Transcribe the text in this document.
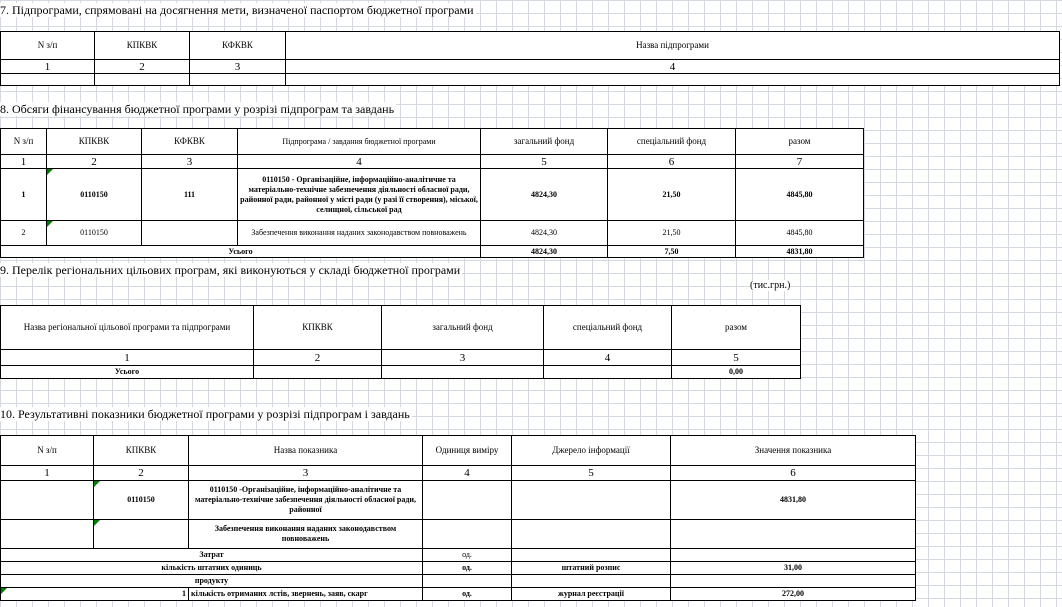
7. Підпрограми, спрямовані на досягнення мети, визначеної паспортом бюджетної програми
N з/п	КПКВК	КФКВК	Назва підпрограми
1	2	3	4

8. Обсяги фінансування бюджетної програми у розрізі підпрограм та завдань
N з/п	КПКВК	КФКВК	Підпрограма / завдання бюджетної програми	загальний фонд	спеціальний фонд	разом
1	2	3	4	5	6	7
1	0110150	111	0110150 - Організаційне, інформаційно-аналітичне та матеріально-технічне забезпечення діяльності обласної ради, районної ради, районної у місті ради (у разі її створення), міської, селищної, сільської рад	4824,30	21,50	4845,80
2	0110150		Забезпечення виконання наданих законодавством повноважень	4824,30	21,50	4845,80
Усього				4824,30	7,50	4831,80
9. Перелік регіональних цільових програм, які виконуються у складі бюджетної програми
(тис.грн.)
Назва регіональної цільової програми та підпрограми	КПКВК	загальний фонд	спеціальний фонд	разом
1	2	3	4	5
Усього				0,00
10. Результативні показники бюджетної програми у розрізі підпрограм і завдань
N з/п	КПКВК	Назва показника	Одиниця виміру	Джерело інформації	Значення показника
1	2	3	4	5	6
	0110150	0110150 -Організаційне, інформаційно-аналітичне та матеріально-технічне забезпечення діяльності обласної ради, районної			4831,80
		Забезпечення виконання наданих законодавством повноважень			
Затрат			од.		
кількість штатних одиниць			од.	штатний розпис	31,00
продукту					
1		кількість отриманих лстів, звернень, заяв, скарг	од.	журнал реєстрації	272,00
